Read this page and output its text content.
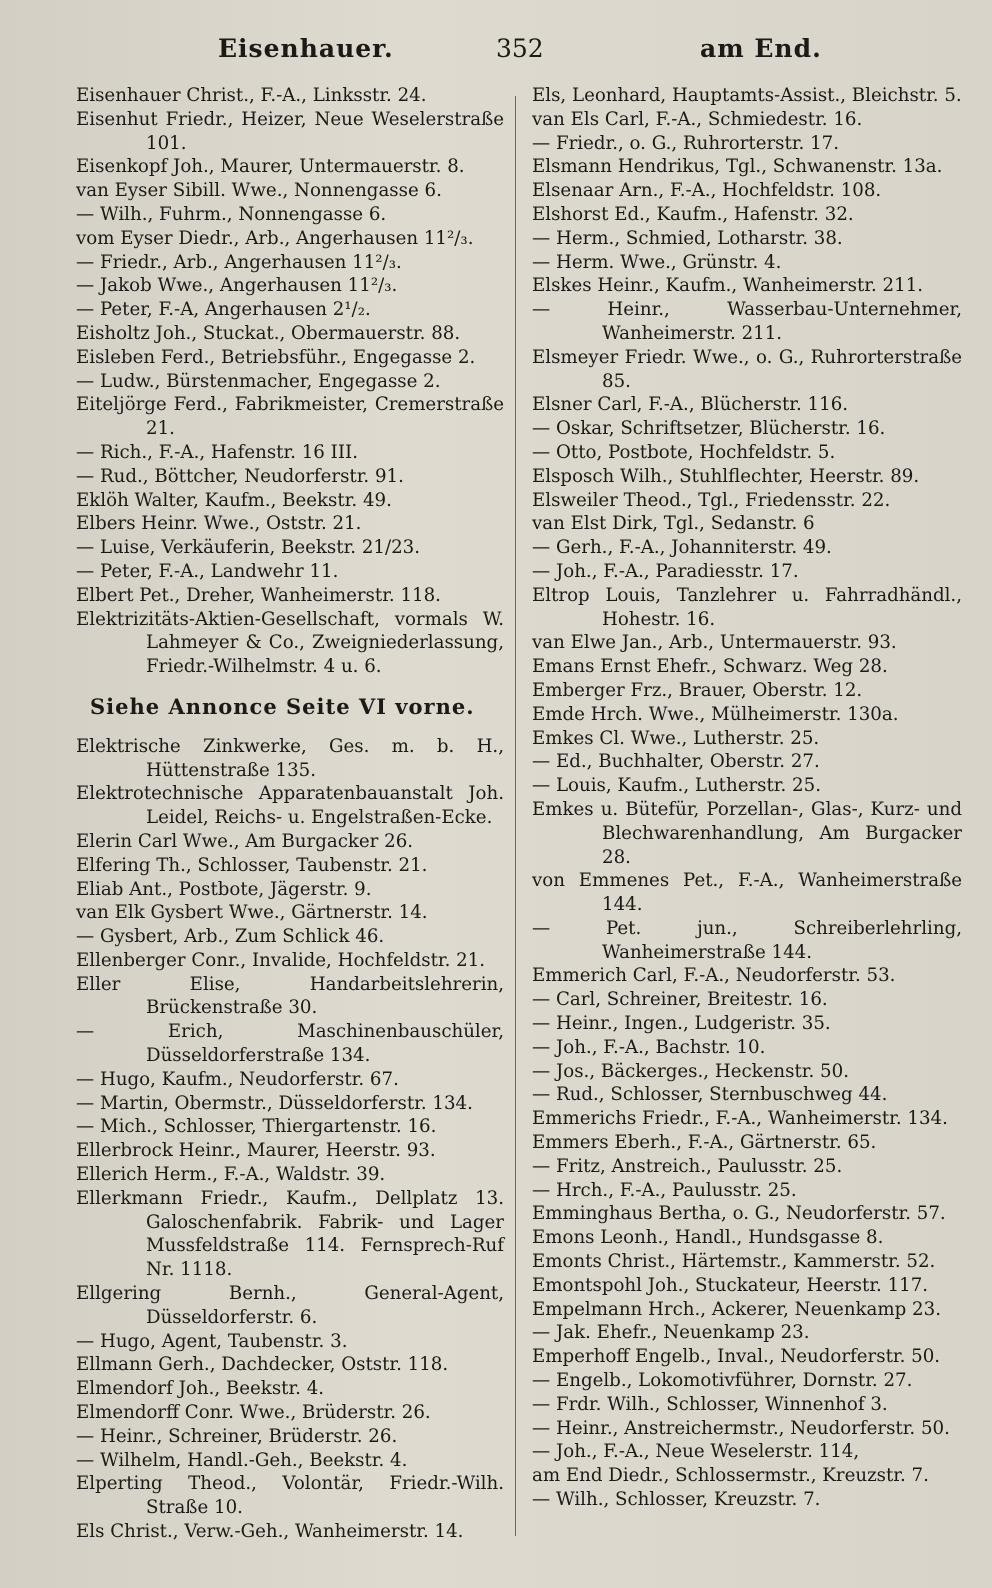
Eisenhauer.	352	am End.

Eisenhauer Christ., F.-A., Linksstr. 24.

Eisenhut Friedr., Heizer, Neue Weselerstraße 101.

Eisenkopf Joh., Maurer, Untermauerstr. 8.

van Eyser Sibill. Wwe., Nonnengasse 6.

— Wilh., Fuhrm., Nonnengasse 6.

vom Eyser Diedr., Arb., Angerhausen 11²/₃.

— Friedr., Arb., Angerhausen 11²/₃.

— Jakob Wwe., Angerhausen 11²/₃.

— Peter, F.-A, Angerhausen 2¹/₂.

Eisholtz Joh., Stuckat., Obermauerstr. 88.

Eisleben Ferd., Betriebsführ., Engegasse 2.

— Ludw., Bürstenmacher, Engegasse 2.

Eiteljörge Ferd., Fabrikmeister, Cremerstraße 21.

— Rich., F.-A., Hafenstr. 16 III.

— Rud., Böttcher, Neudorferstr. 91.

Eklöh Walter, Kaufm., Beekstr. 49.

Elbers Heinr. Wwe., Oststr. 21.

— Luise, Verkäuferin, Beekstr. 21/23.

— Peter, F.-A., Landwehr 11.

Elbert Pet., Dreher, Wanheimerstr. 118.

Elektrizitäts-Aktien-Gesellschaft, vormals W. Lahmeyer & Co., Zweigniederlassung, Friedr.-Wilhelmstr. 4 u. 6.

Siehe Annonce Seite VI vorne.

Elektrische Zinkwerke, Ges. m. b. H., Hüttenstraße 135.

Elektrotechnische Apparatenbauanstalt Joh. Leidel, Reichs- u. Engelstraßen-Ecke.

Elerin Carl Wwe., Am Burgacker 26.

Elfering Th., Schlosser, Taubenstr. 21.

Eliab Ant., Postbote, Jägerstr. 9.

van Elk Gysbert Wwe., Gärtnerstr. 14.

— Gysbert, Arb., Zum Schlick 46.

Ellenberger Conr., Invalide, Hochfeldstr. 21.

Eller Elise, Handarbeitslehrerin, Brückenstraße 30.

— Erich, Maschinenbauschüler, Düsseldorferstraße 134.

— Hugo, Kaufm., Neudorferstr. 67.

— Martin, Obermstr., Düsseldorferstr. 134.

— Mich., Schlosser, Thiergartenstr. 16.

Ellerbrock Heinr., Maurer, Heerstr. 93.

Ellerich Herm., F.-A., Waldstr. 39.

Ellerkmann Friedr., Kaufm., Dellplatz 13. Galoschenfabrik. Fabrik- und Lager Mussfeldstraße 114. Fernsprech-Ruf Nr. 1118.

Ellgering Bernh., General-Agent, Düsseldorferstr. 6.

— Hugo, Agent, Taubenstr. 3.

Ellmann Gerh., Dachdecker, Oststr. 118.

Elmendorf Joh., Beekstr. 4.

Elmendorff Conr. Wwe., Brüderstr. 26.

— Heinr., Schreiner, Brüderstr. 26.

— Wilhelm, Handl.-Geh., Beekstr. 4.

Elperting Theod., Volontär, Friedr.-Wilh. Straße 10.

Els Christ., Verw.-Geh., Wanheimerstr. 14.

Els, Leonhard, Hauptamts-Assist., Bleichstr. 5.

van Els Carl, F.-A., Schmiedestr. 16.

— Friedr., o. G., Ruhrorterstr. 17.

Elsmann Hendrikus, Tgl., Schwanenstr. 13a.

Elsenaar Arn., F.-A., Hochfeldstr. 108.

Elshorst Ed., Kaufm., Hafenstr. 32.

— Herm., Schmied, Lotharstr. 38.

— Herm. Wwe., Grünstr. 4.

Elskes Heinr., Kaufm., Wanheimerstr. 211.

— Heinr., Wasserbau-Unternehmer, Wanheimerstr. 211.

Elsmeyer Friedr. Wwe., o. G., Ruhrorterstraße 85.

Elsner Carl, F.-A., Blücherstr. 116.

— Oskar, Schriftsetzer, Blücherstr. 16.

— Otto, Postbote, Hochfeldstr. 5.

Elsposch Wilh., Stuhlflechter, Heerstr. 89.

Elsweiler Theod., Tgl., Friedensstr. 22.

van Elst Dirk, Tgl., Sedanstr. 6

— Gerh., F.-A., Johanniterstr. 49.

— Joh., F.-A., Paradiesstr. 17.

Eltrop Louis, Tanzlehrer u. Fahrradhändl., Hohestr. 16.

van Elwe Jan., Arb., Untermauerstr. 93.

Emans Ernst Ehefr., Schwarz. Weg 28.

Emberger Frz., Brauer, Oberstr. 12.

Emde Hrch. Wwe., Mülheimerstr. 130a.

Emkes Cl. Wwe., Lutherstr. 25.

— Ed., Buchhalter, Oberstr. 27.

— Louis, Kaufm., Lutherstr. 25.

Emkes u. Bütefür, Porzellan-, Glas-, Kurz- und Blechwarenhandlung, Am Burgacker 28.

von Emmenes Pet., F.-A., Wanheimerstraße 144.

— Pet. jun., Schreiberlehrling, Wanheimerstraße 144.

Emmerich Carl, F.-A., Neudorferstr. 53.

— Carl, Schreiner, Breitestr. 16.

— Heinr., Ingen., Ludgeristr. 35.

— Joh., F.-A., Bachstr. 10.

— Jos., Bäckerges., Heckenstr. 50.

— Rud., Schlosser, Sternbuschweg 44.

Emmerichs Friedr., F.-A., Wanheimerstr. 134.

Emmers Eberh., F.-A., Gärtnerstr. 65.

— Fritz, Anstreich., Paulusstr. 25.

— Hrch., F.-A., Paulusstr. 25.

Emminghaus Bertha, o. G., Neudorferstr. 57.

Emons Leonh., Handl., Hundsgasse 8.

Emonts Christ., Härtemstr., Kammerstr. 52.

Emontspohl Joh., Stuckateur, Heerstr. 117.

Empelmann Hrch., Ackerer, Neuenkamp 23.

— Jak. Ehefr., Neuenkamp 23.

Emperhoff Engelb., Inval., Neudorferstr. 50.

— Engelb., Lokomotivführer, Dornstr. 27.

— Frdr. Wilh., Schlosser, Winnenhof 3.

— Heinr., Anstreichermstr., Neudorferstr. 50.

— Joh., F.-A., Neue Weselerstr. 114,

am End Diedr., Schlossermstr., Kreuzstr. 7.

— Wilh., Schlosser, Kreuzstr. 7.
